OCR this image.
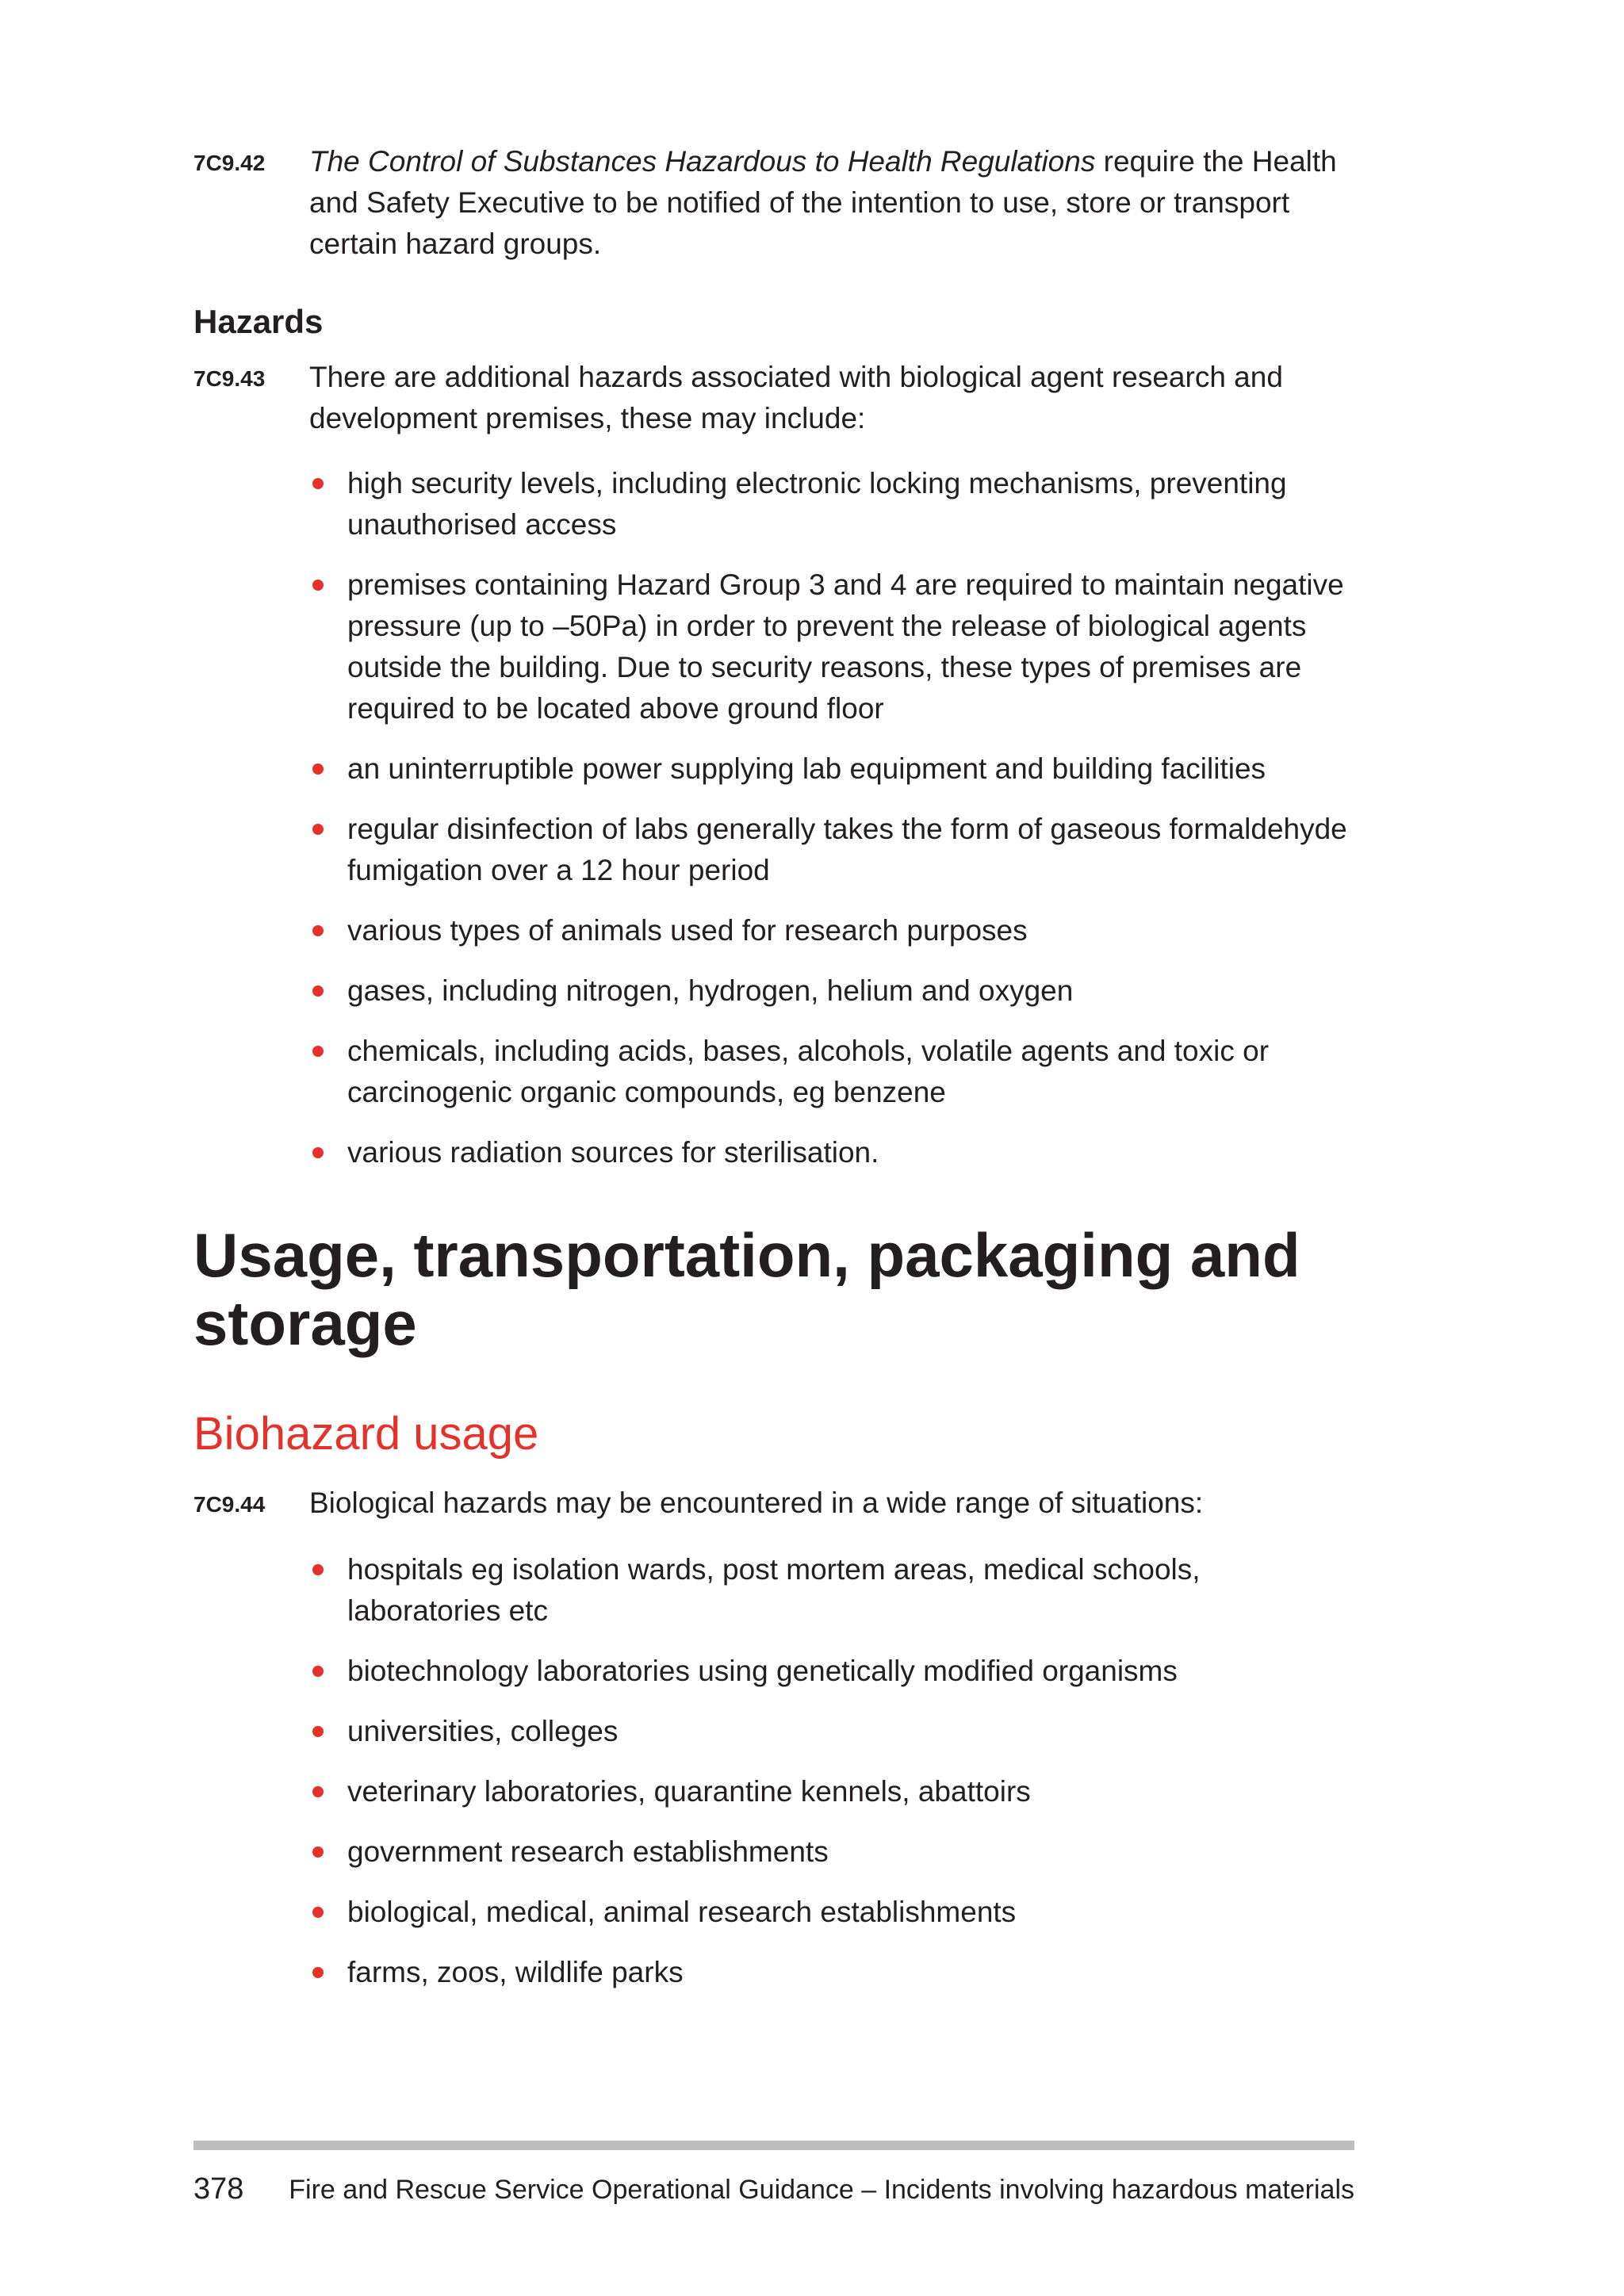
7C9.42	The Control of Substances Hazardous to Health Regulations require the Health and Safety Executive to be notified of the intention to use, store or transport certain hazard groups.
Hazards
7C9.43	There are additional hazards associated with biological agent research and development premises, these may include:
high security levels, including electronic locking mechanisms, preventing unauthorised access
premises containing Hazard Group 3 and 4 are required to maintain negative pressure (up to –50Pa) in order to prevent the release of biological agents outside the building. Due to security reasons, these types of premises are required to be located above ground floor
an uninterruptible power supplying lab equipment and building facilities
regular disinfection of labs generally takes the form of gaseous formaldehyde fumigation over a 12 hour period
various types of animals used for research purposes
gases, including nitrogen, hydrogen, helium and oxygen
chemicals, including acids, bases, alcohols, volatile agents and toxic or carcinogenic organic compounds, eg benzene
various radiation sources for sterilisation.
Usage, transportation, packaging and storage
Biohazard usage
7C9.44	Biological hazards may be encountered in a wide range of situations:
hospitals eg isolation wards, post mortem areas, medical schools, laboratories etc
biotechnology laboratories using genetically modified organisms
universities, colleges
veterinary laboratories, quarantine kennels, abattoirs
government research establishments
biological, medical, animal research establishments
farms, zoos, wildlife parks
378 Fire and Rescue Service Operational Guidance – Incidents involving hazardous materials
